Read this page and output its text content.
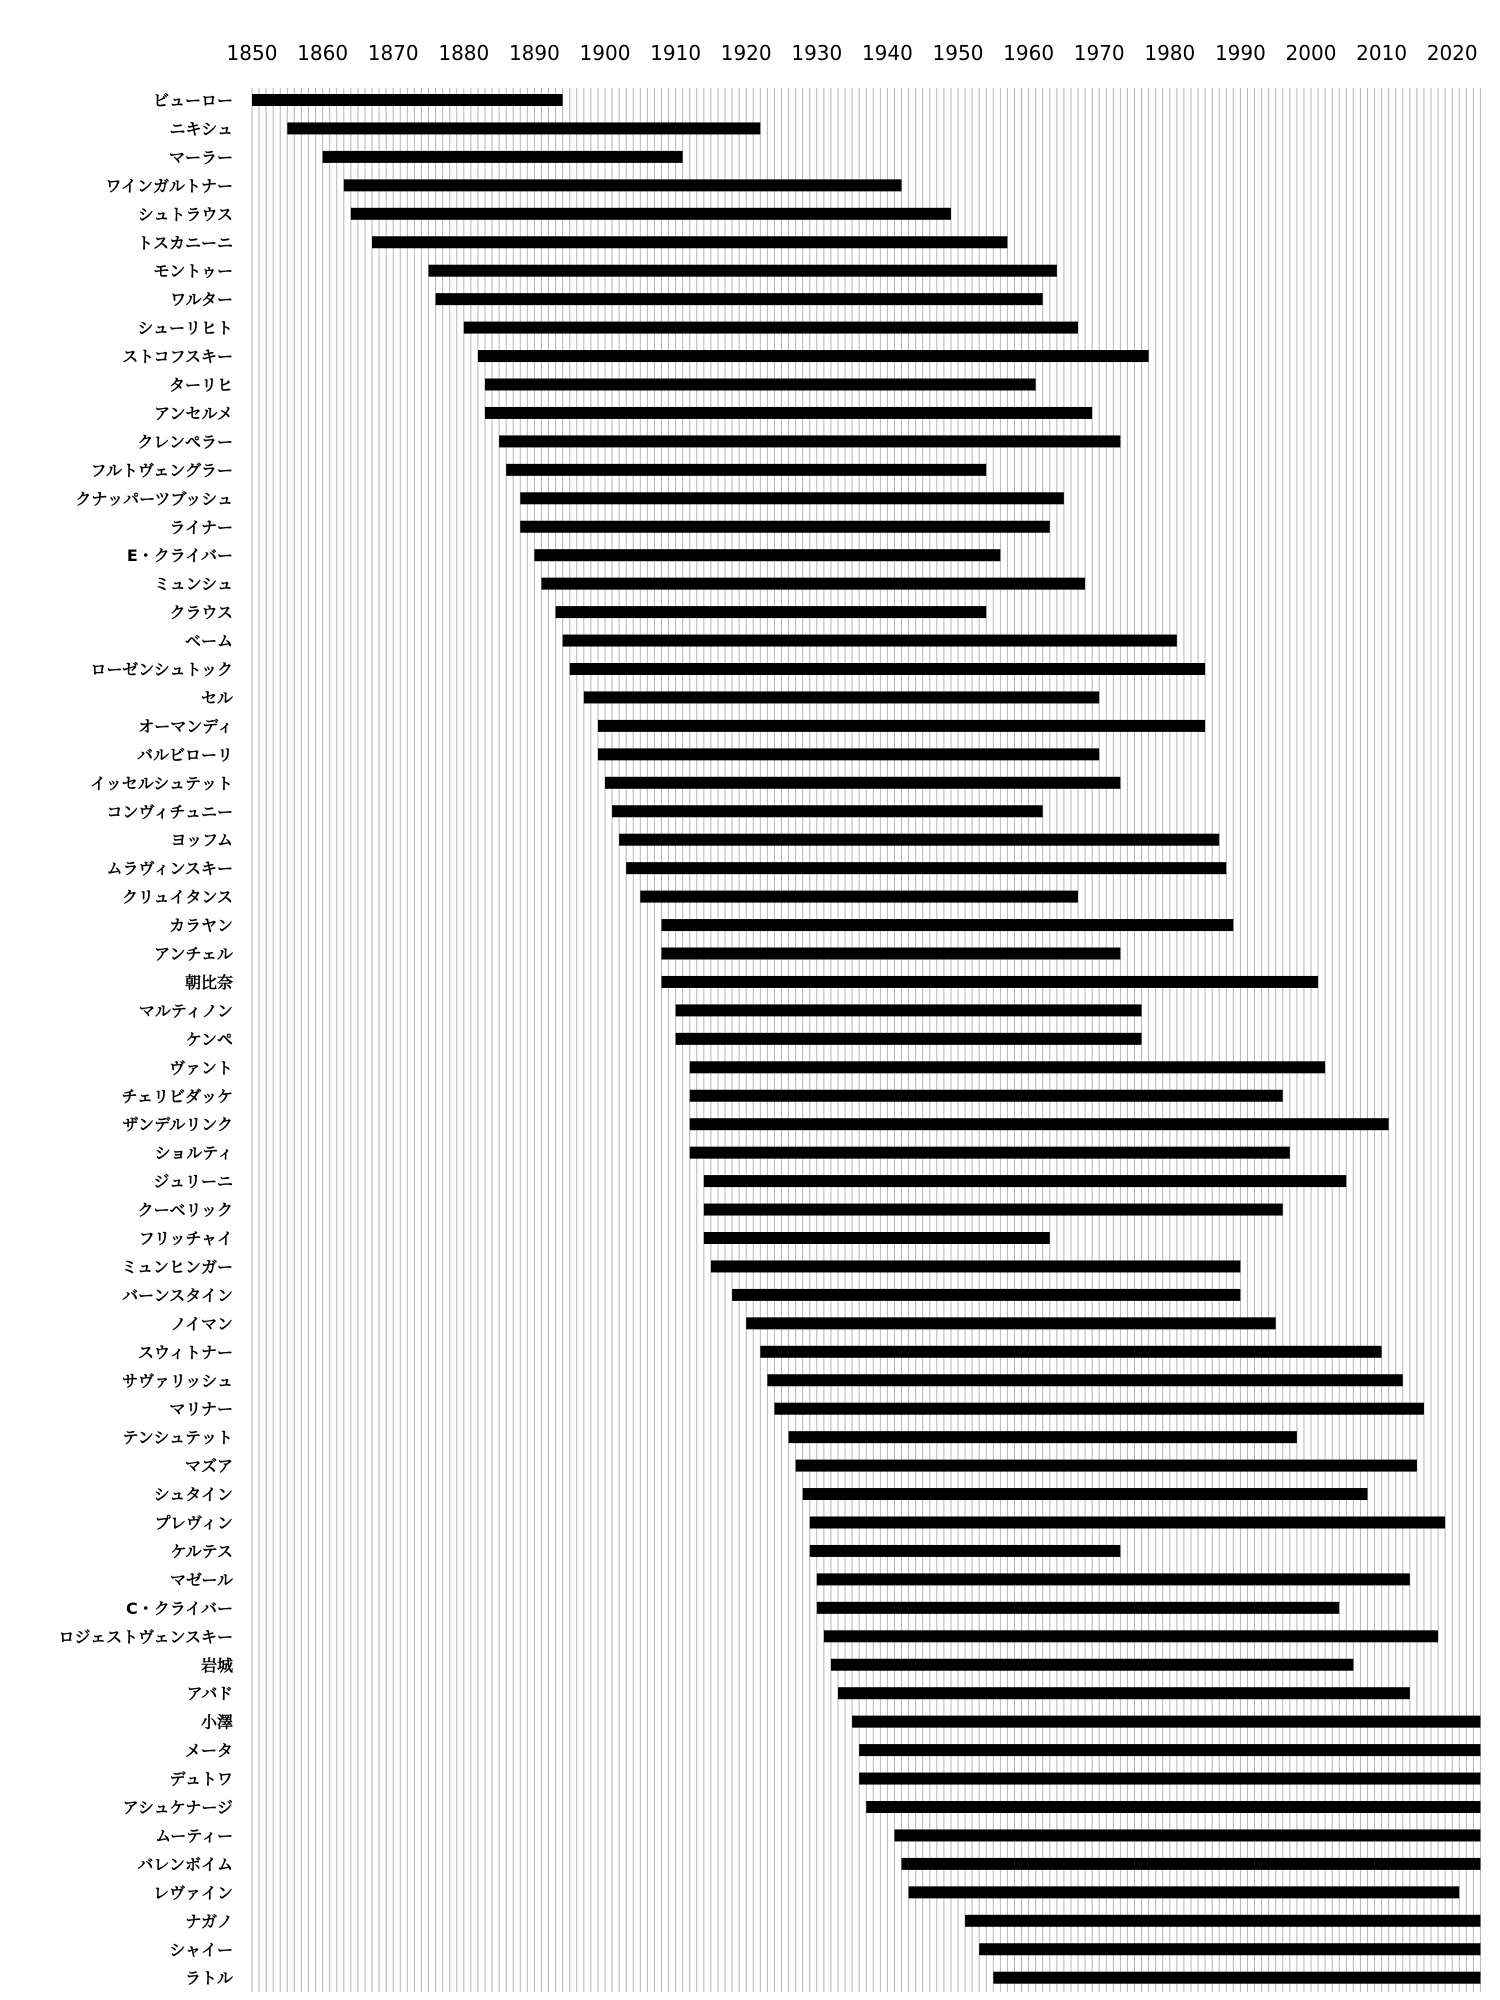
1850 1860 1870 1880 1890 1900 1910 1920 1930 1940 1950 1960 1970 1980 1990 2000 2010 2020
ビューロー
ニキシュ
マーラー
ワインガルトナー
シュトラウス
トスカニーニ
モントゥー
ワルター
シューリヒト
ストコフスキー
ターリヒ
アンセルメ
クレンペラー
フルトヴェングラー
クナッパーツブッシュ
ライナー
E・クライバー
ミュンシュ
クラウス
ベーム
ローゼンシュトック
セル
オーマンディ
バルビローリ
イッセルシュテット
コンヴィチュニー
ヨッフム
ムラヴィンスキー
クリュイタンス
カラヤン
アンチェル
朝比奈
マルティノン
ケンペ
ヴァント
チェリビダッケ
ザンデルリンク
ショルティ
ジュリーニ
クーベリック
フリッチャイ
ミュンヒンガー
バーンスタイン
ノイマン
スウィトナー
サヴァリッシュ
マリナー
テンシュテット
マズア
シュタイン
プレヴィン
ケルテス
マゼール
C・クライバー
ロジェストヴェンスキー
岩城
アバド
小澤
メータ
デュトワ
アシュケナージ
ムーティー
バレンボイム
レヴァイン
ナガノ
シャイー
ラトル
